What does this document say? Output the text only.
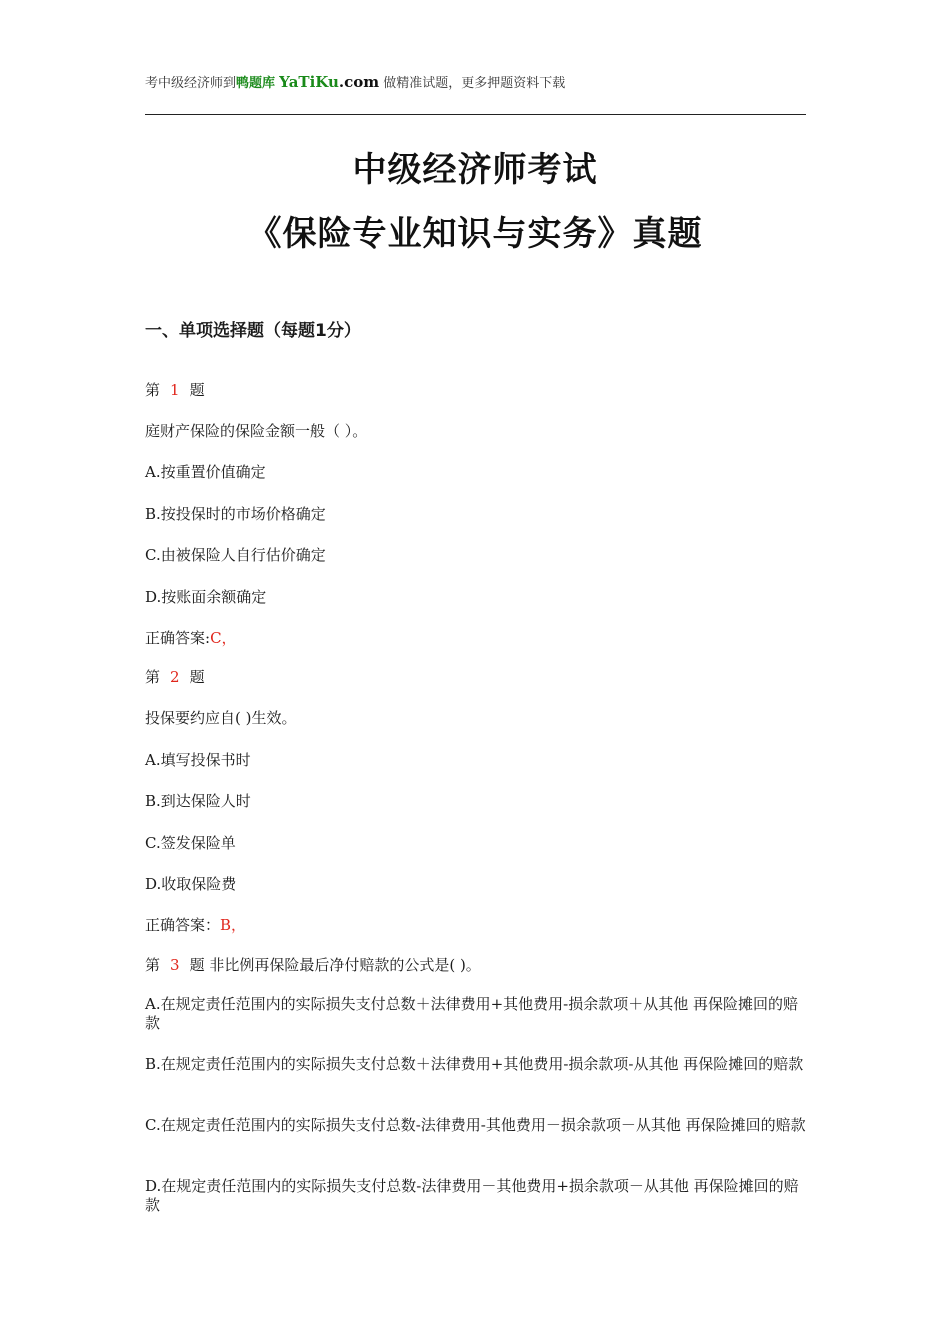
考中级经济师到鸭题库 YaTiKu.com 做精准试题，更多押题资料下载
中级经济师考试
《保险专业知识与实务》真题
一、单项选择题（每题1分）
第 1 题
庭财产保险的保险金额一般（ ）。
A.按重置价值确定
B.按投保时的市场价格确定
C.由被保险人自行估价确定
D.按账面余额确定
正确答案:C，
第 2 题
投保要约应自( )生效。
A.填写投保书时
B.到达保险人时
C.签发保险单
D.收取保险费
正确答案：B，
第 3 题 非比例再保险最后净付赔款的公式是( )。
A.在规定责任范围内的实际损失支付总数＋法律费用+其他费用-损余款项＋从其他 再保险摊回的赔款
B.在规定责任范围内的实际损失支付总数＋法律费用+其他费用-损余款项-从其他 再保险摊回的赔款
C.在规定责任范围内的实际损失支付总数-法律费用-其他费用－损余款项－从其他 再保险摊回的赔款
D.在规定责任范围内的实际损失支付总数-法律费用－其他费用+损余款项－从其他 再保险摊回的赔款
